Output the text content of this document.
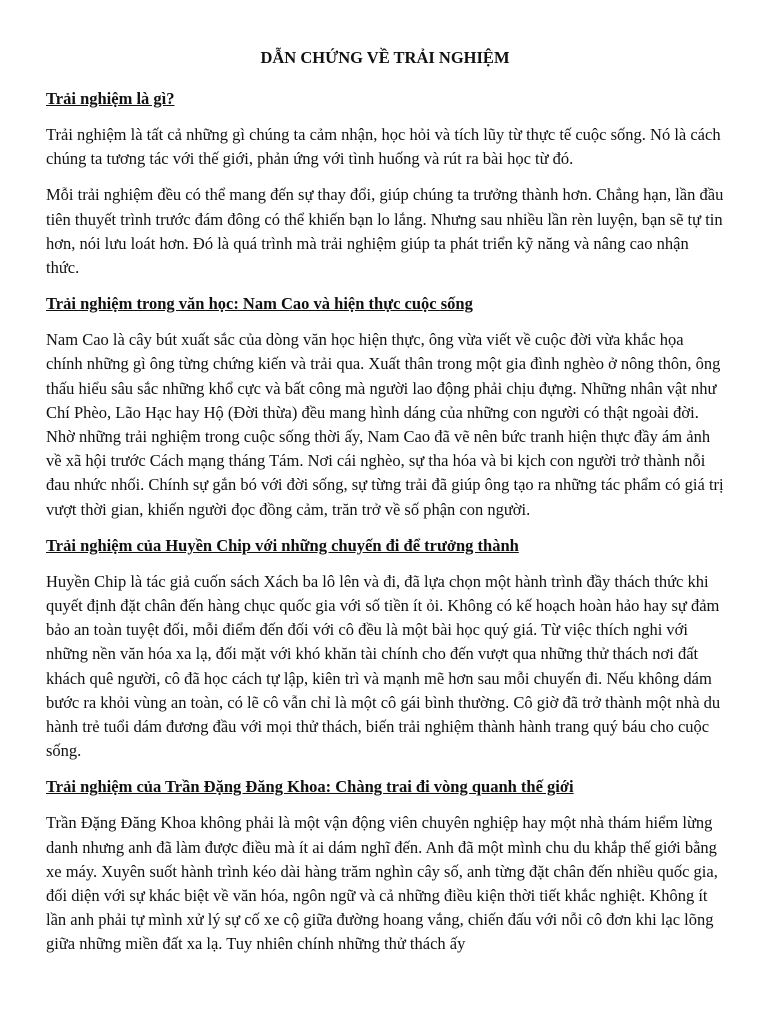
DẪN CHỨNG VỀ TRẢI NGHIỆM
Trải nghiệm là gì?

Trải nghiệm là tất cả những gì chúng ta cảm nhận, học hỏi và tích lũy từ thực tế cuộc sống. Nó là cách chúng ta tương tác với thế giới, phản ứng với tình huống và rút ra bài học từ đó.

Mỗi trải nghiệm đều có thể mang đến sự thay đổi, giúp chúng ta trưởng thành hơn. Chẳng hạn, lần đầu tiên thuyết trình trước đám đông có thể khiến bạn lo lắng. Nhưng sau nhiều lần rèn luyện, bạn sẽ tự tin hơn, nói lưu loát hơn. Đó là quá trình mà trải nghiệm giúp ta phát triển kỹ năng và nâng cao nhận thức.

Trải nghiệm trong văn học: Nam Cao và hiện thực cuộc sống

Nam Cao là cây bút xuất sắc của dòng văn học hiện thực, ông vừa viết về cuộc đời vừa khắc họa chính những gì ông từng chứng kiến và trải qua. Xuất thân trong một gia đình nghèo ở nông thôn, ông thấu hiểu sâu sắc những khổ cực và bất công mà người lao động phải chịu đựng. Những nhân vật như Chí Phèo, Lão Hạc hay Hộ (Đời thừa) đều mang hình dáng của những con người có thật ngoài đời. Nhờ những trải nghiệm trong cuộc sống thời ấy, Nam Cao đã vẽ nên bức tranh hiện thực đầy ám ảnh về xã hội trước Cách mạng tháng Tám. Nơi cái nghèo, sự tha hóa và bi kịch con người trở thành nỗi đau nhức nhối. Chính sự gắn bó với đời sống, sự từng trải đã giúp ông tạo ra những tác phẩm có giá trị vượt thời gian, khiến người đọc đồng cảm, trăn trở về số phận con người.

Trải nghiệm của Huyền Chip với những chuyến đi để trưởng thành

Huyền Chip là tác giả cuốn sách Xách ba lô lên và đi, đã lựa chọn một hành trình đầy thách thức khi quyết định đặt chân đến hàng chục quốc gia với số tiền ít ỏi. Không có kế hoạch hoàn hảo hay sự đảm bảo an toàn tuyệt đối, mỗi điểm đến đối với cô đều là một bài học quý giá. Từ việc thích nghi với những nền văn hóa xa lạ, đối mặt với khó khăn tài chính cho đến vượt qua những thử thách nơi đất khách quê người, cô đã học cách tự lập, kiên trì và mạnh mẽ hơn sau mỗi chuyến đi. Nếu không dám bước ra khỏi vùng an toàn, có lẽ cô vẫn chỉ là một cô gái bình thường. Cô giờ đã trở thành một nhà du hành trẻ tuổi dám đương đầu với mọi thử thách, biến trải nghiệm thành hành trang quý báu cho cuộc sống.

Trải nghiệm của Trần Đặng Đăng Khoa: Chàng trai đi vòng quanh thế giới

Trần Đặng Đăng Khoa không phải là một vận động viên chuyên nghiệp hay một nhà thám hiểm lừng danh nhưng anh đã làm được điều mà ít ai dám nghĩ đến. Anh đã một mình chu du khắp thế giới bằng xe máy. Xuyên suốt hành trình kéo dài hàng trăm nghìn cây số, anh từng đặt chân đến nhiều quốc gia, đối diện với sự khác biệt về văn hóa, ngôn ngữ và cả những điều kiện thời tiết khắc nghiệt. Không ít lần anh phải tự mình xử lý sự cố xe cộ giữa đường hoang vắng, chiến đấu với nỗi cô đơn khi lạc lõng giữa những miền đất xa lạ. Tuy nhiên chính những thử thách ấy
